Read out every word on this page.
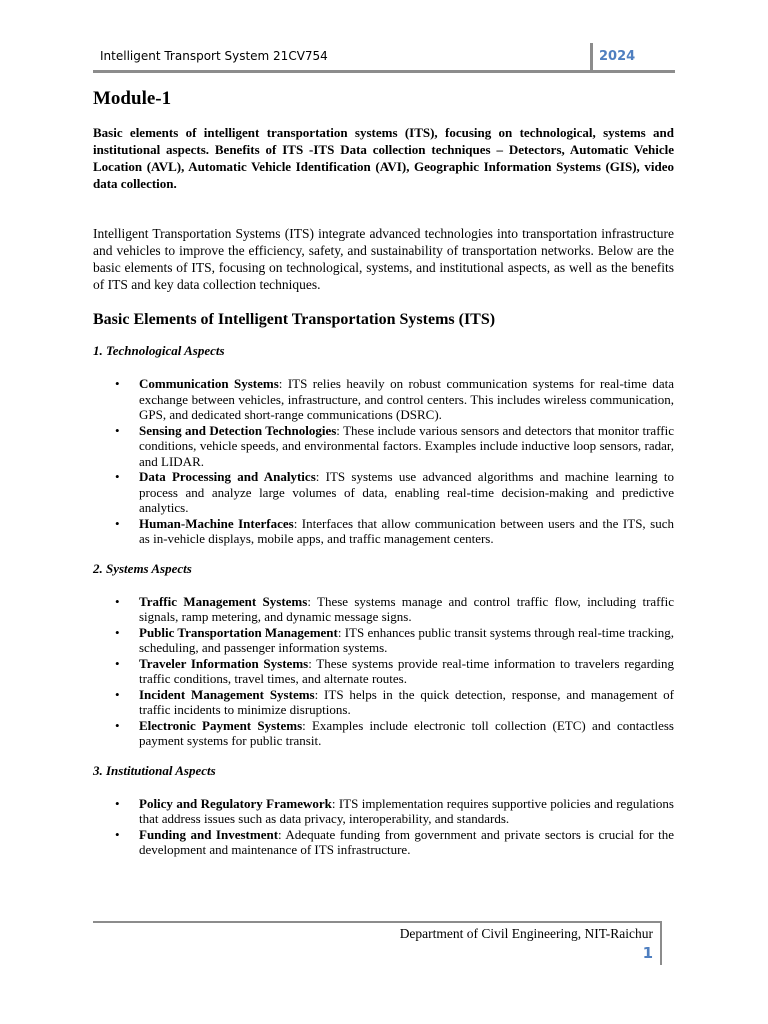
Intelligent Transport System 21CV754	2024
Module-1

Basic elements of intelligent transportation systems (ITS), focusing on technological, systems and institutional aspects. Benefits of ITS -ITS Data collection techniques – Detectors, Automatic Vehicle Location (AVL), Automatic Vehicle Identification (AVI), Geographic Information Systems (GIS), video data collection.

Intelligent Transportation Systems (ITS) integrate advanced technologies into transportation infrastructure and vehicles to improve the efficiency, safety, and sustainability of transportation networks. Below are the basic elements of ITS, focusing on technological, systems, and institutional aspects, as well as the benefits of ITS and key data collection techniques.

Basic Elements of Intelligent Transportation Systems (ITS)
1. Technological Aspects
• Communication Systems: ITS relies heavily on robust communication systems for real-time data exchange between vehicles, infrastructure, and control centers. This includes wireless communication, GPS, and dedicated short-range communications (DSRC).
• Sensing and Detection Technologies: These include various sensors and detectors that monitor traffic conditions, vehicle speeds, and environmental factors. Examples include inductive loop sensors, radar, and LIDAR.
• Data Processing and Analytics: ITS systems use advanced algorithms and machine learning to process and analyze large volumes of data, enabling real-time decision-making and predictive analytics.
• Human-Machine Interfaces: Interfaces that allow communication between users and the ITS, such as in-vehicle displays, mobile apps, and traffic management centers.
2. Systems Aspects
• Traffic Management Systems: These systems manage and control traffic flow, including traffic signals, ramp metering, and dynamic message signs.
• Public Transportation Management: ITS enhances public transit systems through real-time tracking, scheduling, and passenger information systems.
• Traveler Information Systems: These systems provide real-time information to travelers regarding traffic conditions, travel times, and alternate routes.
• Incident Management Systems: ITS helps in the quick detection, response, and management of traffic incidents to minimize disruptions.
• Electronic Payment Systems: Examples include electronic toll collection (ETC) and contactless payment systems for public transit.
3. Institutional Aspects
• Policy and Regulatory Framework: ITS implementation requires supportive policies and regulations that address issues such as data privacy, interoperability, and standards.
• Funding and Investment: Adequate funding from government and private sectors is crucial for the development and maintenance of ITS infrastructure.
Department of Civil Engineering, NIT-Raichur
1
